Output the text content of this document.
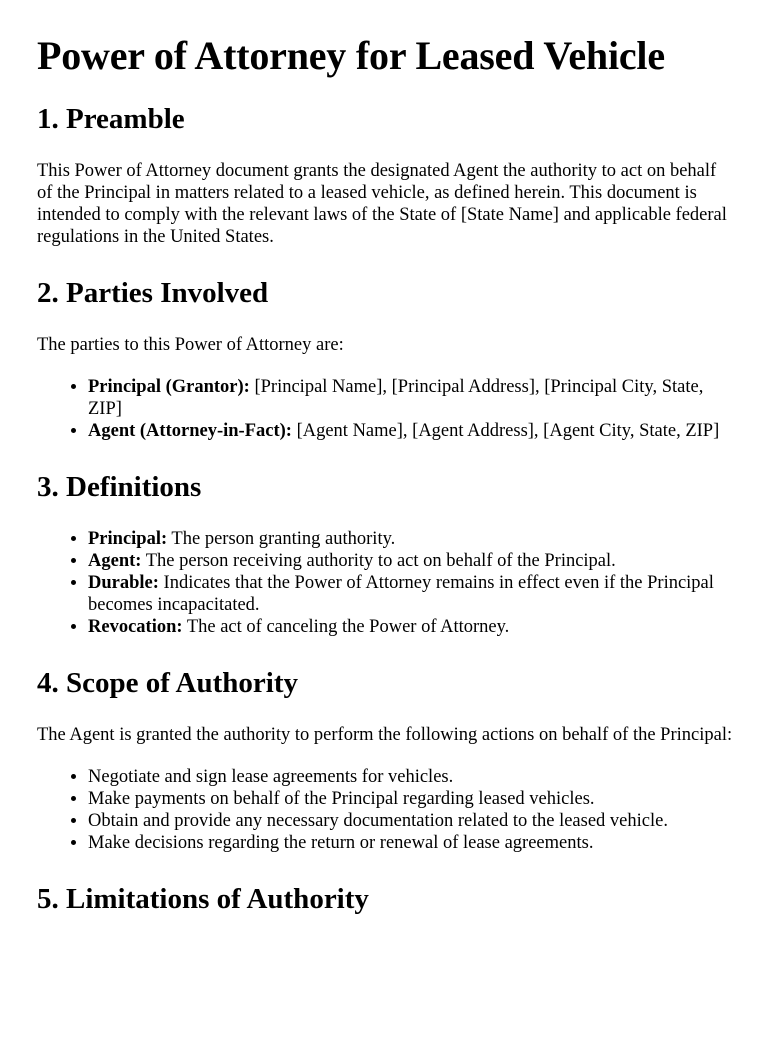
Power of Attorney for Leased Vehicle
1. Preamble

This Power of Attorney document grants the designated Agent the authority to act on behalf of the Principal in matters related to a leased vehicle, as defined herein. This document is intended to comply with the relevant laws of the State of [State Name] and applicable federal regulations in the United States.

2. Parties Involved

The parties to this Power of Attorney are:

• Principal (Grantor): [Principal Name], [Principal Address], [Principal City, State, ZIP]
• Agent (Attorney-in-Fact): [Agent Name], [Agent Address], [Agent City, State, ZIP]
3. Definitions
• Principal: The person granting authority.
• Agent: The person receiving authority to act on behalf of the Principal.
• Durable: Indicates that the Power of Attorney remains in effect even if the Principal becomes incapacitated.
• Revocation: The act of canceling the Power of Attorney.
4. Scope of Authority

The Agent is granted the authority to perform the following actions on behalf of the Principal:

• Negotiate and sign lease agreements for vehicles.
• Make payments on behalf of the Principal regarding leased vehicles.
• Obtain and provide any necessary documentation related to the leased vehicle.
• Make decisions regarding the return or renewal of lease agreements.
5. Limitations of Authority
